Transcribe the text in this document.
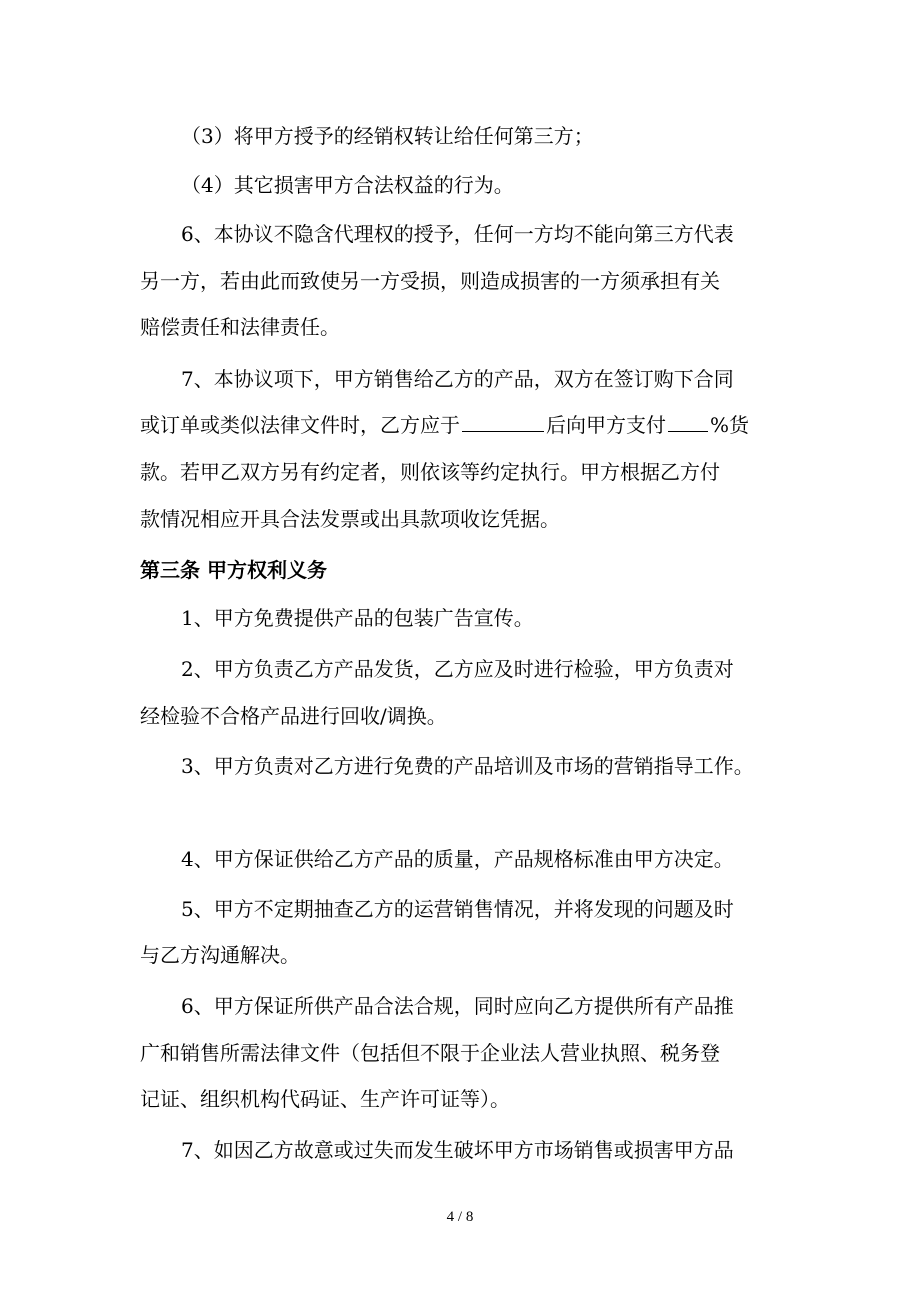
（3）将甲方授予的经销权转让给任何第三方；
（4）其它损害甲方合法权益的行为。
6、本协议不隐含代理权的授予，任何一方均不能向第三方代表
另一方，若由此而致使另一方受损，则造成损害的一方须承担有关
赔偿责任和法律责任。
7、本协议项下，甲方销售给乙方的产品，双方在签订购下合同
或订单或类似法律文件时，乙方应于	后向甲方支付 %货
款。若甲乙双方另有约定者，则依该等约定执行。甲方根据乙方付
款情况相应开具合法发票或出具款项收讫凭据。
第三条 甲方权利义务
1、甲方免费提供产品的包装广告宣传。
2、甲方负责乙方产品发货，乙方应及时进行检验，甲方负责对
经检验不合格产品进行回收/调换。
3、甲方负责对乙方进行免费的产品培训及市场的营销指导工作。
4、甲方保证供给乙方产品的质量，产品规格标准由甲方决定。
5、甲方不定期抽查乙方的运营销售情况，并将发现的问题及时
与乙方沟通解决。
6、甲方保证所供产品合法合规，同时应向乙方提供所有产品推
广和销售所需法律文件（包括但不限于企业法人营业执照、税务登
记证、组织机构代码证、生产许可证等）。
7、如因乙方故意或过失而发生破坏甲方市场销售或损害甲方品
4 / 8
